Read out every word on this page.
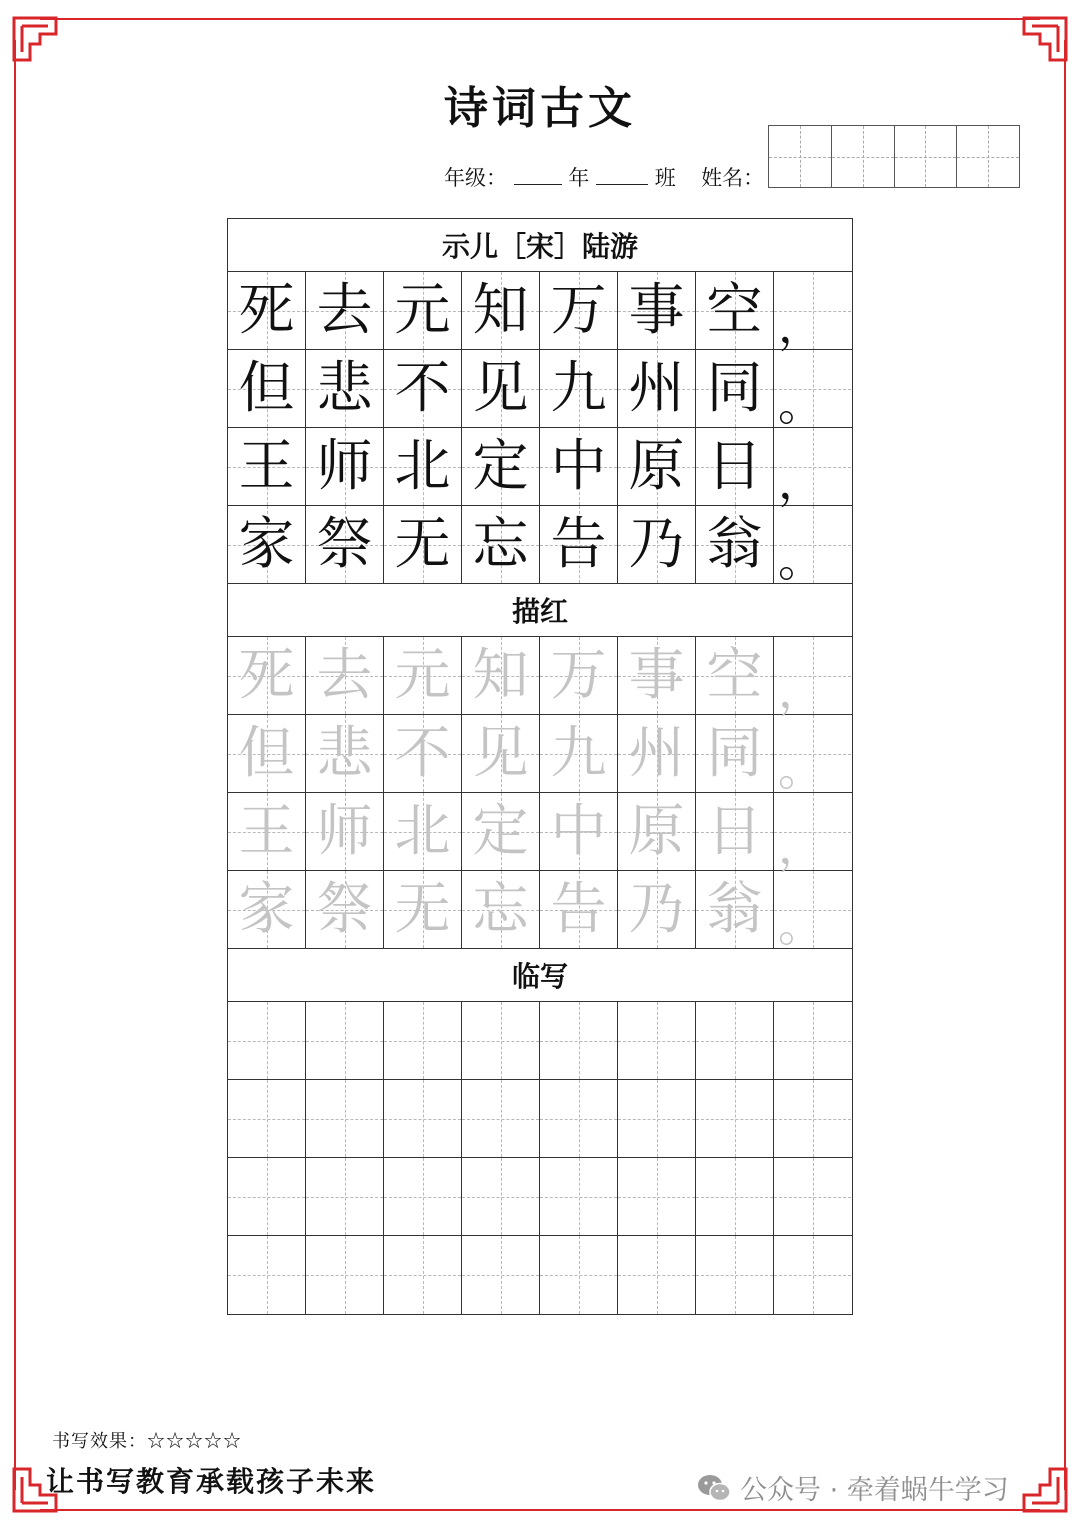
诗词古文
年级：	年	班 姓名：
示儿［宋］陆游
死 去 元 知 万 事 空 ，
但 悲 不 见 九 州 同 。
王 师 北 定 中 原 日 ，
家 祭 无 忘 告 乃 翁 。
描红
死 去 元 知 万 事 空 ，
但 悲 不 见 九 州 同 。
王 师 北 定 中 原 日 ，
家 祭 无 忘 告 乃 翁 。
临写
书写效果：☆☆☆☆☆
让书写教育承载孩子未来	公众号 · 牵着蜗牛学习
